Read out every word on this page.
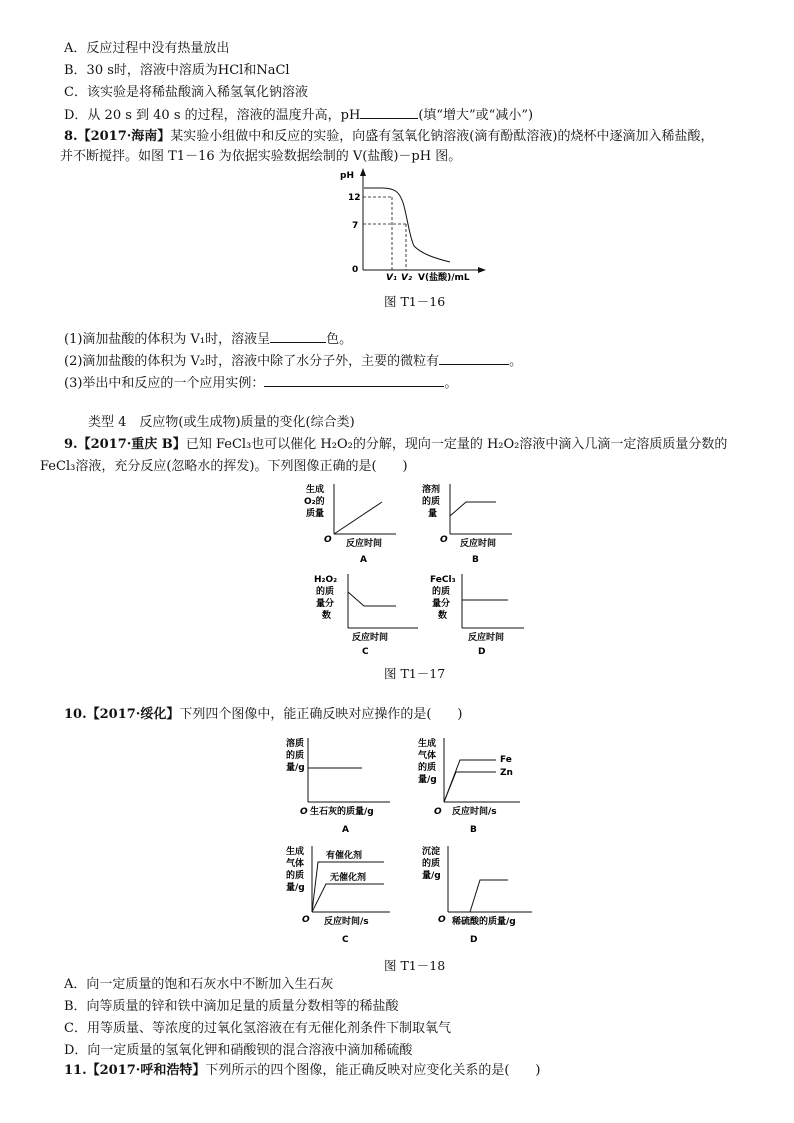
A．反应过程中没有热量放出
B．30 s时，溶液中溶质为HCl和NaCl
C．该实验是将稀盐酸滴入稀氢氧化钠溶液
D．从 20 s 到 40 s 的过程，溶液的温度升高，pH	(填“增大”或“减小”)
8.【2017·海南】某实验小组做中和反应的实验，向盛有氢氧化钠溶液(滴有酚酞溶液)的烧杯中逐滴加入稀盐酸，
并不断搅拌。如图 T1－16 为依据实验数据绘制的 V(盐酸)－pH 图。
pH
12
7
0
V₁ V₂ V(盐酸)/mL
图 T1－16
(1)滴加盐酸的体积为 V₁时，溶液呈	色。
(2)滴加盐酸的体积为 V₂时，溶液中除了水分子外，主要的微粒有	。
(3)举出中和反应的一个应用实例：	。
类型 4　反应物(或生成物)质量的变化(综合类)
9.【2017·重庆 B】已知 FeCl₃也可以催化 H₂O₂的分解，现向一定量的 H₂O₂溶液中滴入几滴一定溶质质量分数的
FeCl₃溶液，充分反应(忽略水的挥发)。下列图像正确的是(　　)
生成
O₂的
质量
O 反应时间
A
溶剂
的质
量
O 反应时间
B
H₂O₂
的质
量分
数
反应时间
C
FeCl₃
的质
量分
数
反应时间
D
图 T1－17
10.【2017·绥化】下列四个图像中，能正确反映对应操作的是(　　)
溶质
的质
量/g
O 生石灰的质量/g
A
生成
气体
的质
量/g
Fe
Zn
O 反应时间/s
B
生成
气体
的质
量/g
有催化剂
无催化剂
O 反应时间/s
C
沉淀
的质
量/g
O 稀硫酸的质量/g
D
图 T1－18
A．向一定质量的饱和石灰水中不断加入生石灰
B．向等质量的锌和铁中滴加足量的质量分数相等的稀盐酸
C．用等质量、等浓度的过氧化氢溶液在有无催化剂条件下制取氧气
D．向一定质量的氢氧化钾和硝酸钡的混合溶液中滴加稀硫酸
11.【2017·呼和浩特】下列所示的四个图像，能正确反映对应变化关系的是(　　)
